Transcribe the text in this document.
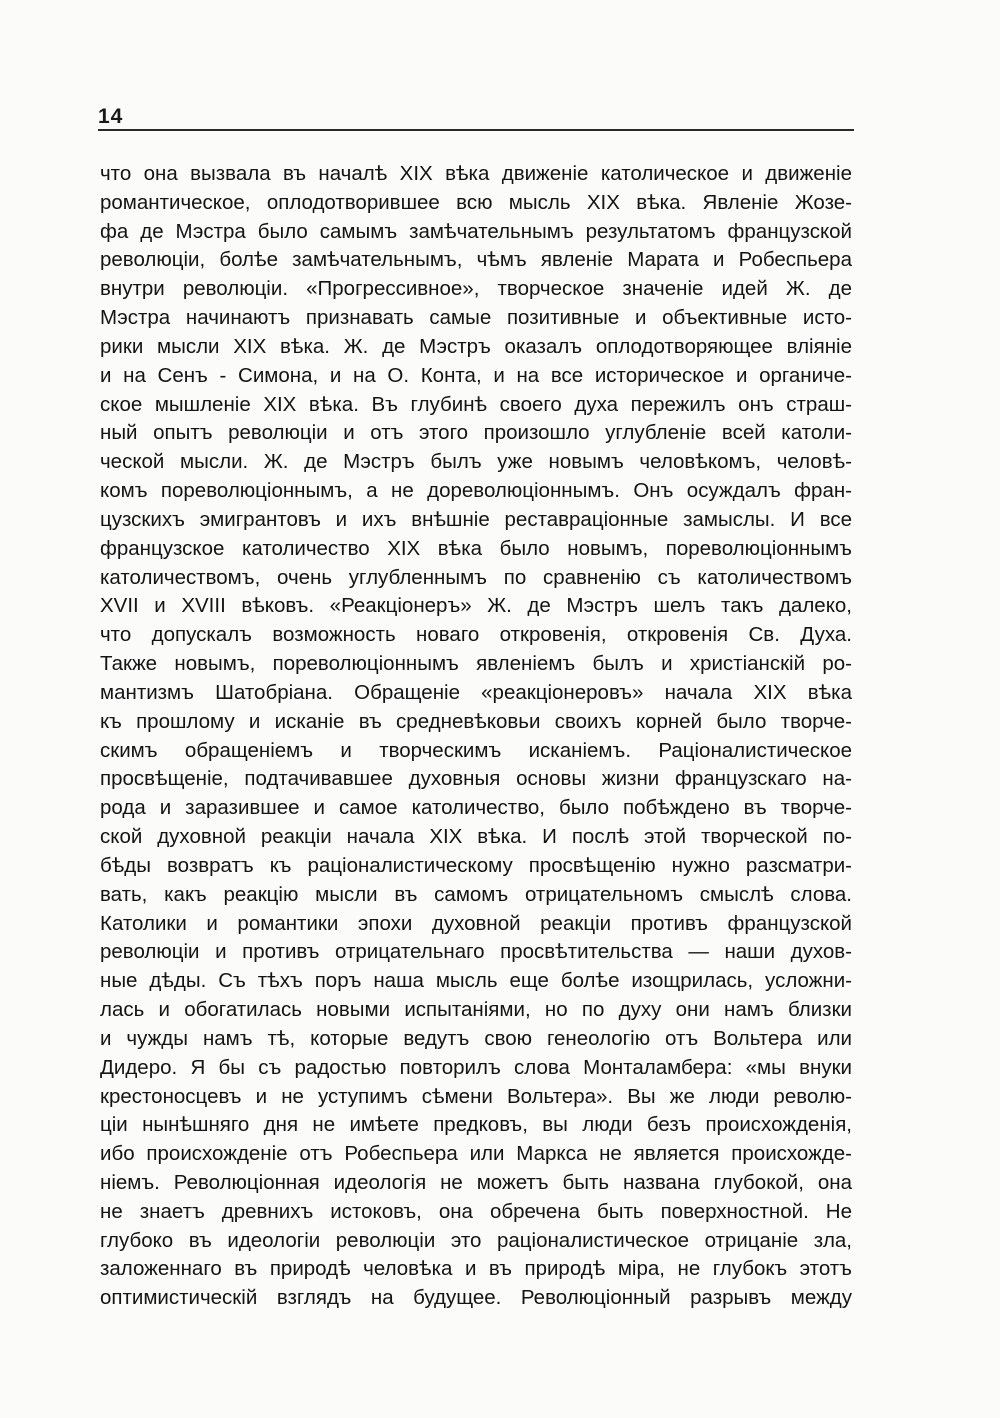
14
что она вызвала въ началѣ XIX вѣка движеніе католическое и движеніе
романтическое, оплодотворившее всю мысль XIX вѣка. Явленіе Жозе-
фа де Мэстра было самымъ замѣчательнымъ результатомъ французской
революціи, болѣе замѣчательнымъ, чѣмъ явленіе Марата и Робеспьера
внутри революціи. «Прогрессивное», творческое значеніе идей Ж. де
Мэстра начинаютъ признавать самые позитивные и объективные исто-
рики мысли XIX вѣка. Ж. де Мэстръ оказалъ оплодотворяющее вліяніе
и на Сенъ - Симона, и на О. Конта, и на все историческое и органиче-
ское мышленіе XIX вѣка. Въ глубинѣ своего духа пережилъ онъ страш-
ный опытъ революціи и отъ этого произошло углубленіе всей католи-
ческой мысли. Ж. де Мэстръ былъ уже новымъ человѣкомъ, человѣ-
комъ пореволюціоннымъ, а не дореволюціоннымъ. Онъ осуждалъ фран-
цузскихъ эмигрантовъ и ихъ внѣшніе реставраціонные замыслы. И все
французское католичество XIX вѣка было новымъ, пореволюціоннымъ
католичествомъ, очень углубленнымъ по сравненію съ католичествомъ
XVII и XVIII вѣковъ. «Реакціонеръ» Ж. де Мэстръ шелъ такъ далеко,
что допускалъ возможность новаго откровенія, откровенія Св. Духа.
Также новымъ, пореволюціоннымъ явленіемъ былъ и христіанскій ро-
мантизмъ Шатобріана. Обращеніе «реакціонеровъ» начала XIX вѣка
къ прошлому и исканіе въ средневѣковьи своихъ корней было творче-
скимъ обращеніемъ и творческимъ исканіемъ. Раціоналистическое
просвѣщеніе, подтачивавшее духовныя основы жизни французскаго на-
рода и заразившее и самое католичество, было побѣждено въ творче-
ской духовной реакціи начала XIX вѣка. И послѣ этой творческой по-
бѣды возвратъ къ раціоналистическому просвѣщенію нужно разсматри-
вать, какъ реакцію мысли въ самомъ отрицательномъ смыслѣ слова.
Католики и романтики эпохи духовной реакціи противъ французской
революціи и противъ отрицательнаго просвѣтительства — наши духов-
ные дѣды. Съ тѣхъ поръ наша мысль еще болѣе изощрилась, усложни-
лась и обогатилась новыми испытаніями, но по духу они намъ близки
и чужды намъ тѣ, которые ведутъ свою генеологію отъ Вольтера или
Дидеро. Я бы съ радостью повторилъ слова Монталамбера: «мы внуки
крестоносцевъ и не уступимъ сѣмени Вольтера». Вы же люди револю-
ціи нынѣшняго дня не имѣете предковъ, вы люди безъ происхожденія,
ибо происхожденіе отъ Робеспьера или Маркса не является происхожде-
ніемъ. Революціонная идеологія не можетъ быть названа глубокой, она
не знаетъ древнихъ истоковъ, она обречена быть поверхностной. Не
глубоко въ идеологіи революціи это раціоналистическое отрицаніе зла,
заложеннаго въ природѣ человѣка и въ природѣ міра, не глубокъ этотъ
оптимистическій взглядъ на будущее. Революціонный разрывъ между
